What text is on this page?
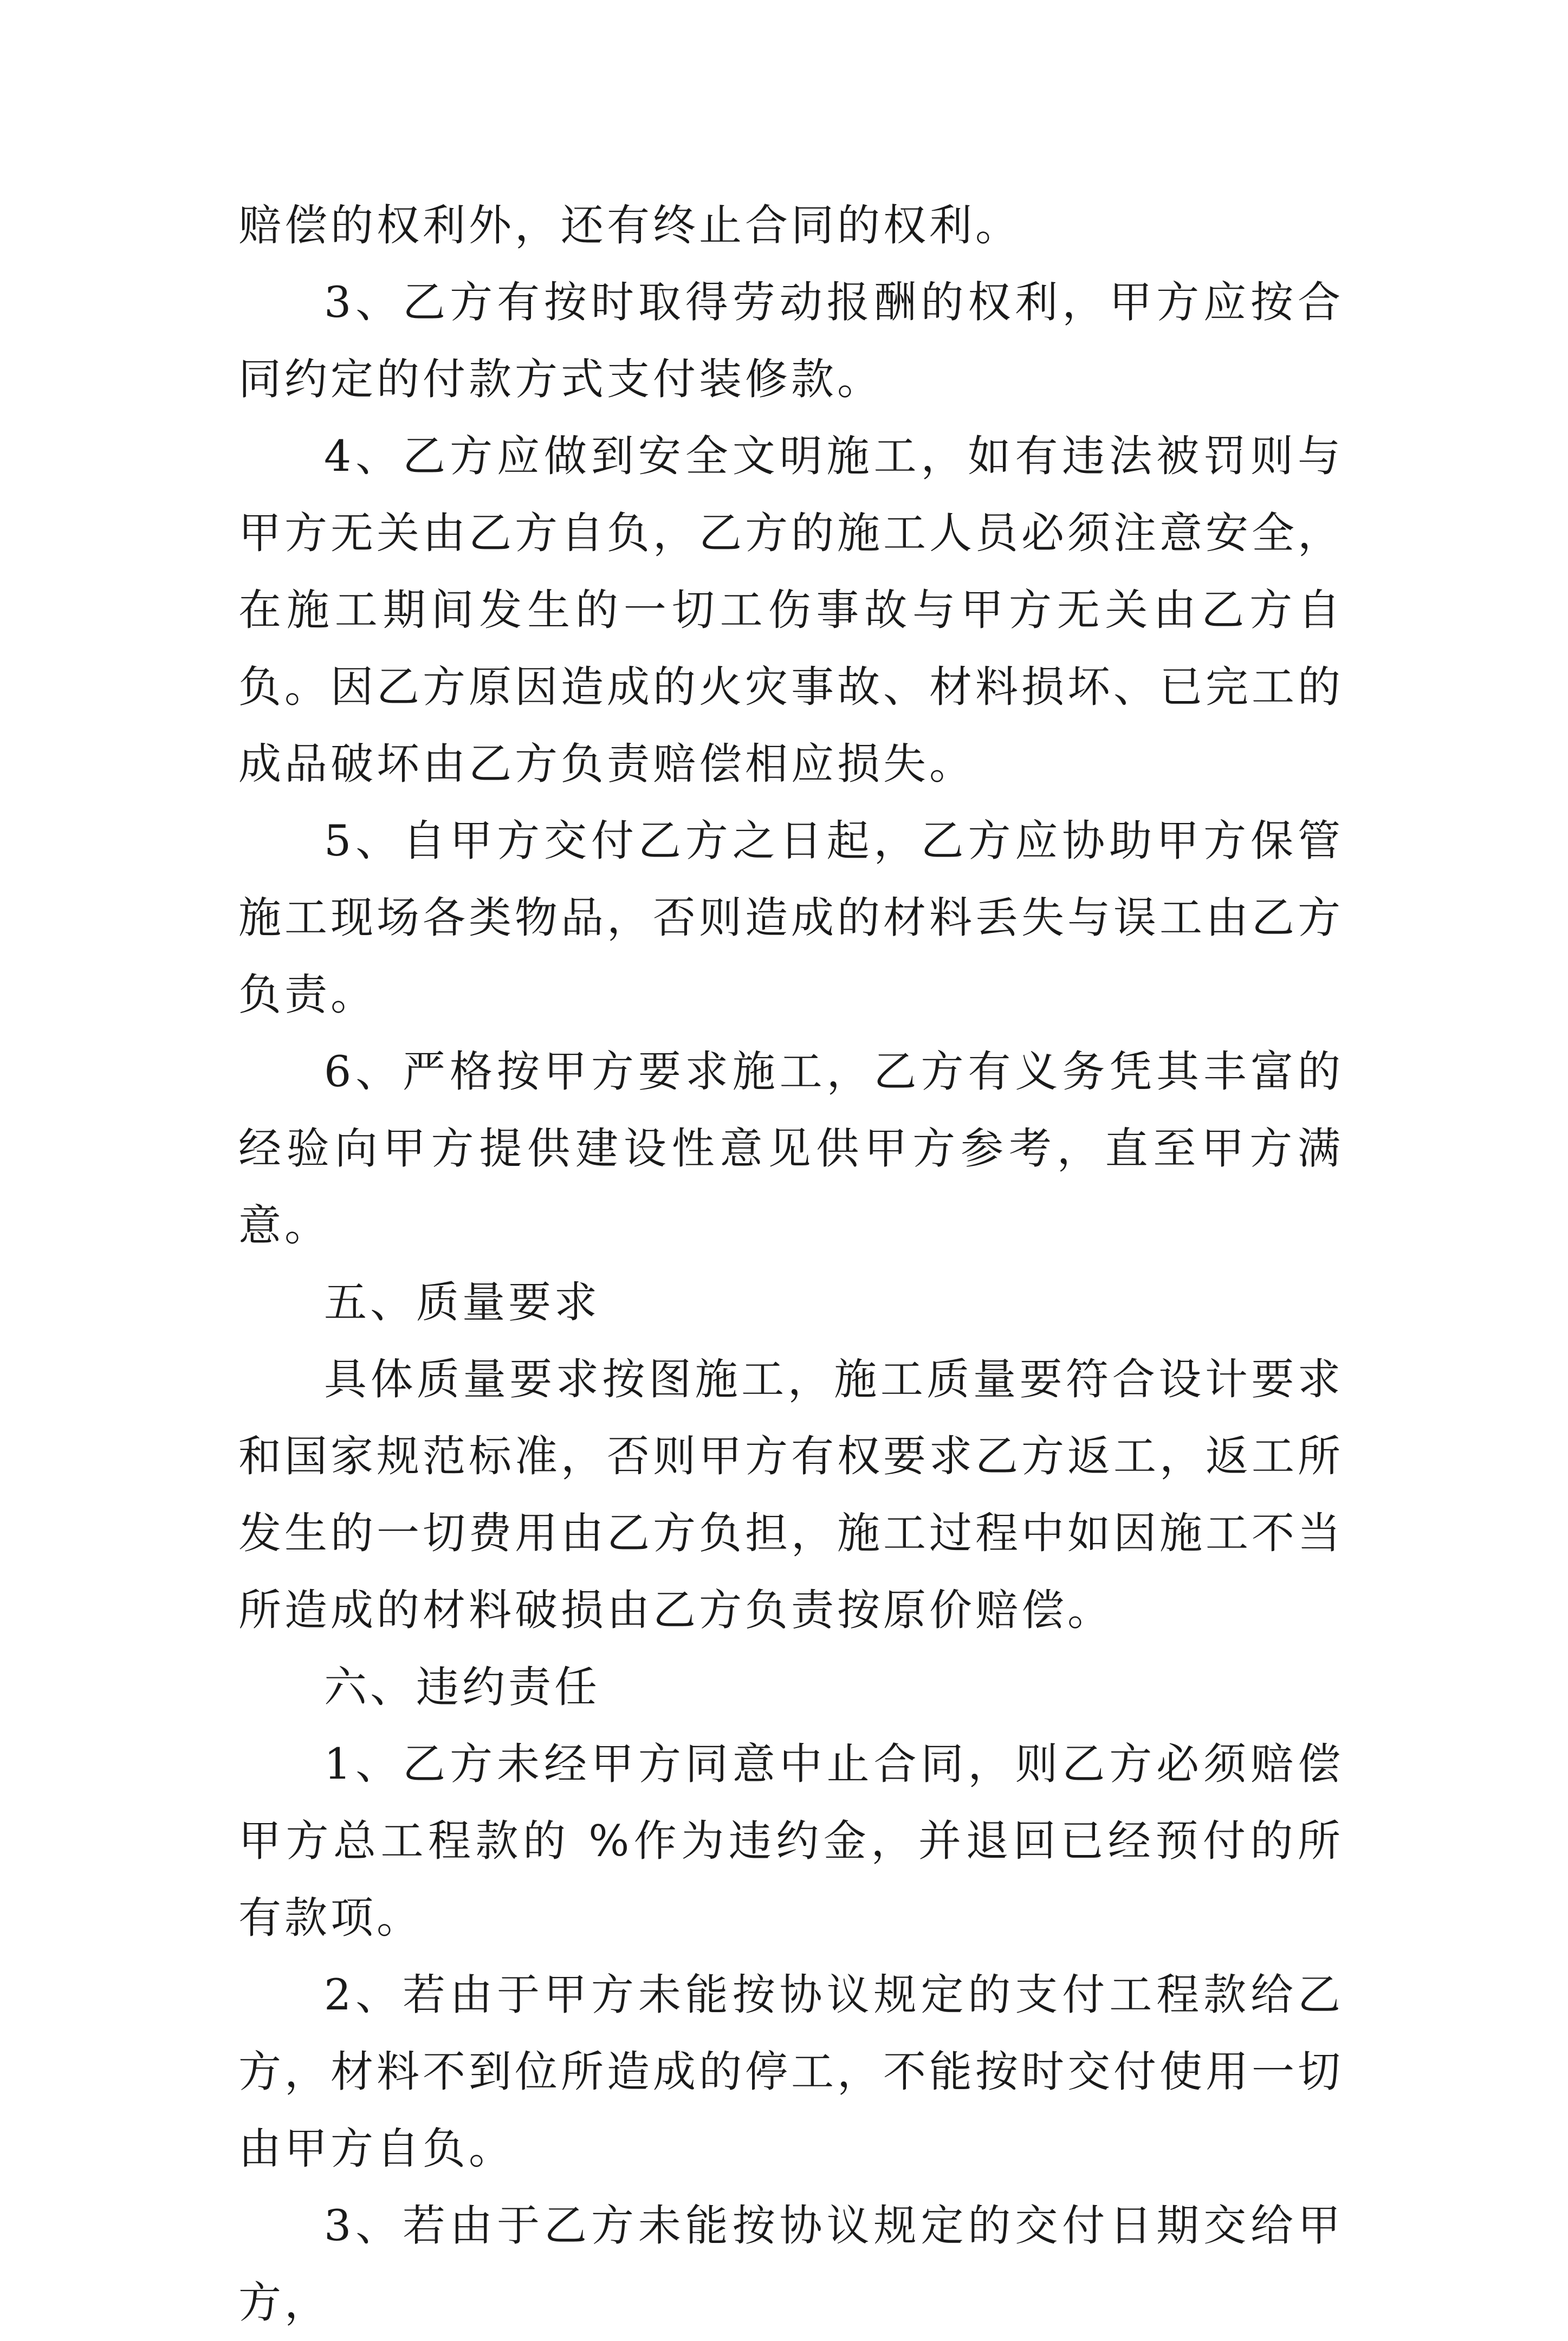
赔偿的权利外，还有终止合同的权利。

3、乙方有按时取得劳动报酬的权利，甲方应按合同约定的付款方式支付装修款。

4、乙方应做到安全文明施工，如有违法被罚则与甲方无关由乙方自负，乙方的施工人员必须注意安全，在施工期间发生的一切工伤事故与甲方无关由乙方自负。因乙方原因造成的火灾事故、材料损坏、已完工的成品破坏由乙方负责赔偿相应损失。

5、自甲方交付乙方之日起，乙方应协助甲方保管施工现场各类物品，否则造成的材料丢失与误工由乙方负责。

6、严格按甲方要求施工，乙方有义务凭其丰富的经验向甲方提供建设性意见供甲方参考，直至甲方满意。

五、质量要求

具体质量要求按图施工，施工质量要符合设计要求和国家规范标准，否则甲方有权要求乙方返工，返工所发生的一切费用由乙方负担，施工过程中如因施工不当所造成的材料破损由乙方负责按原价赔偿。

六、违约责任

1、乙方未经甲方同意中止合同，则乙方必须赔偿甲方总工程款的 %作为违约金，并退回已经预付的所有款项。

2、若由于甲方未能按协议规定的支付工程款给乙方，材料不到位所造成的停工，不能按时交付使用一切由甲方自负。

3、若由于乙方未能按协议规定的交付日期交给甲方，
